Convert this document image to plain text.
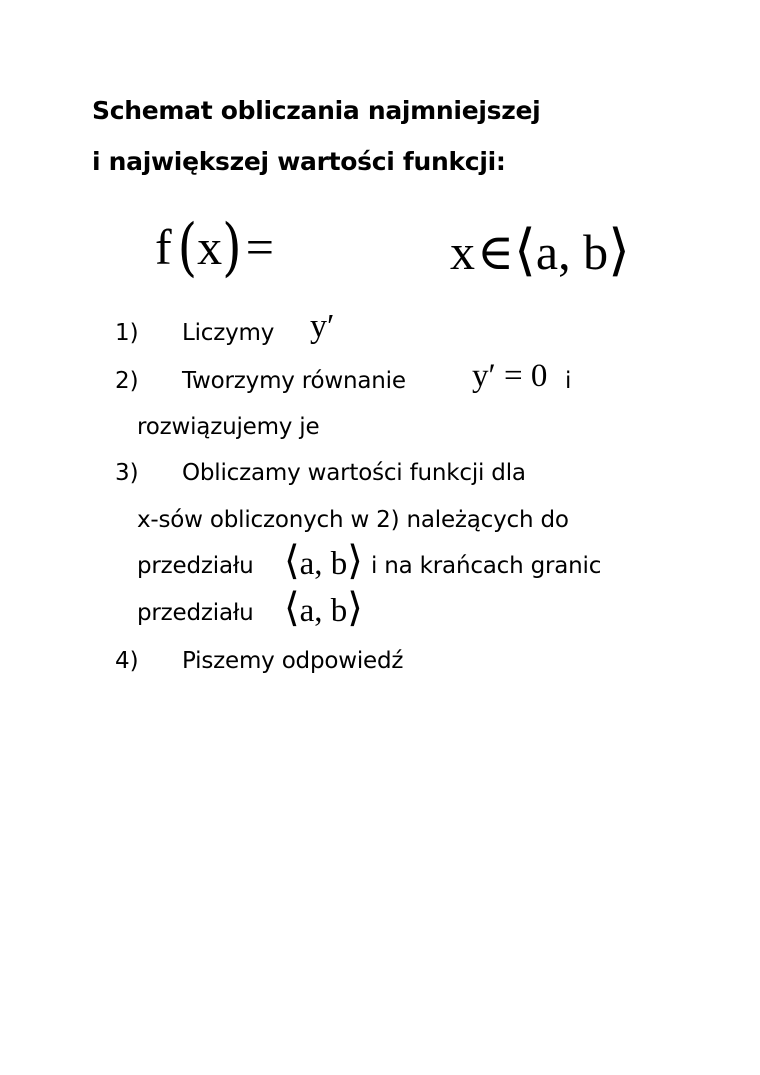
Schemat obliczania najmniejszej
i największej wartości funkcji:
f (x)=	x∈⟨a, b⟩
1) Liczymy y′
2) Tworzymy równanie y′ = 0 i
rozwiązujemy je
3) Obliczamy wartości funkcji dla
x-sów obliczonych w 2) należących do
przedziału ⟨a, b⟩ i na krańcach granic
przedziału ⟨a, b⟩
4) Piszemy odpowiedź
